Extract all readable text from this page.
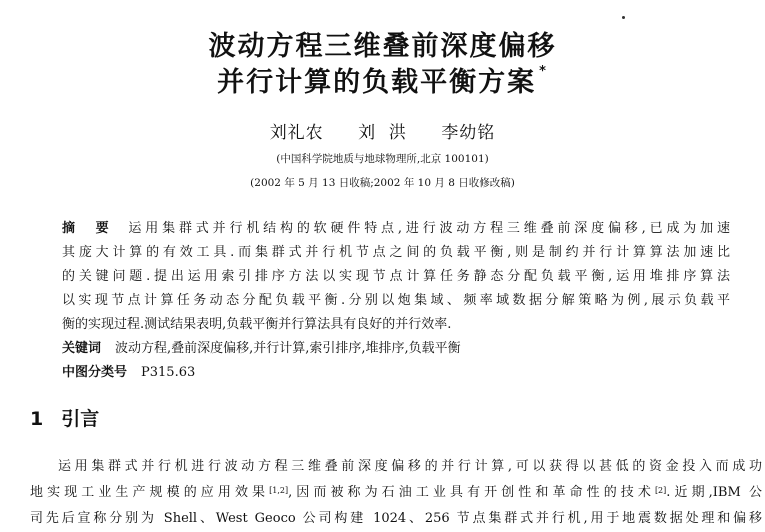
波动方程三维叠前深度偏移
并行计算的负载平衡方案 *
刘礼农 刘  洪 李幼铭
(中国科学院地质与地球物理所,北京 100101)
(2002 年 5 月 13 日收稿;2002 年 10 月 8 日收修改稿)
摘  要 运用集群式并行机结构的软硬件特点,进行波动方程三维叠前深度偏移,已成为加速
其庞大计算的有效工具.而集群式并行机节点之间的负载平衡,则是制约并行计算算法加速比
的关键问题.提出运用索引排序方法以实现节点计算任务静态分配负载平衡,运用堆排序算法
以实现节点计算任务动态分配负载平衡.分别以炮集域、频率域数据分解策略为例,展示负载平
衡的实现过程.测试结果表明,负载平衡并行算法具有良好的并行效率.
关键词 波动方程,叠前深度偏移,并行计算,索引排序,堆排序,负载平衡
中图分类号 P315.63
1 引言
运用集群式并行机进行波动方程三维叠前深度偏移的并行计算,可以获得以甚低的资金投入而成功
地实现工业生产规模的应用效果[1,2],因而被称为石油工业具有开创性和革命性的技术[2].近期,IBM 公
司先后宣称分别为 Shell、West Geoco 公司构建 1024、256 节点集群式并行机,用于地震数据处理和偏移
